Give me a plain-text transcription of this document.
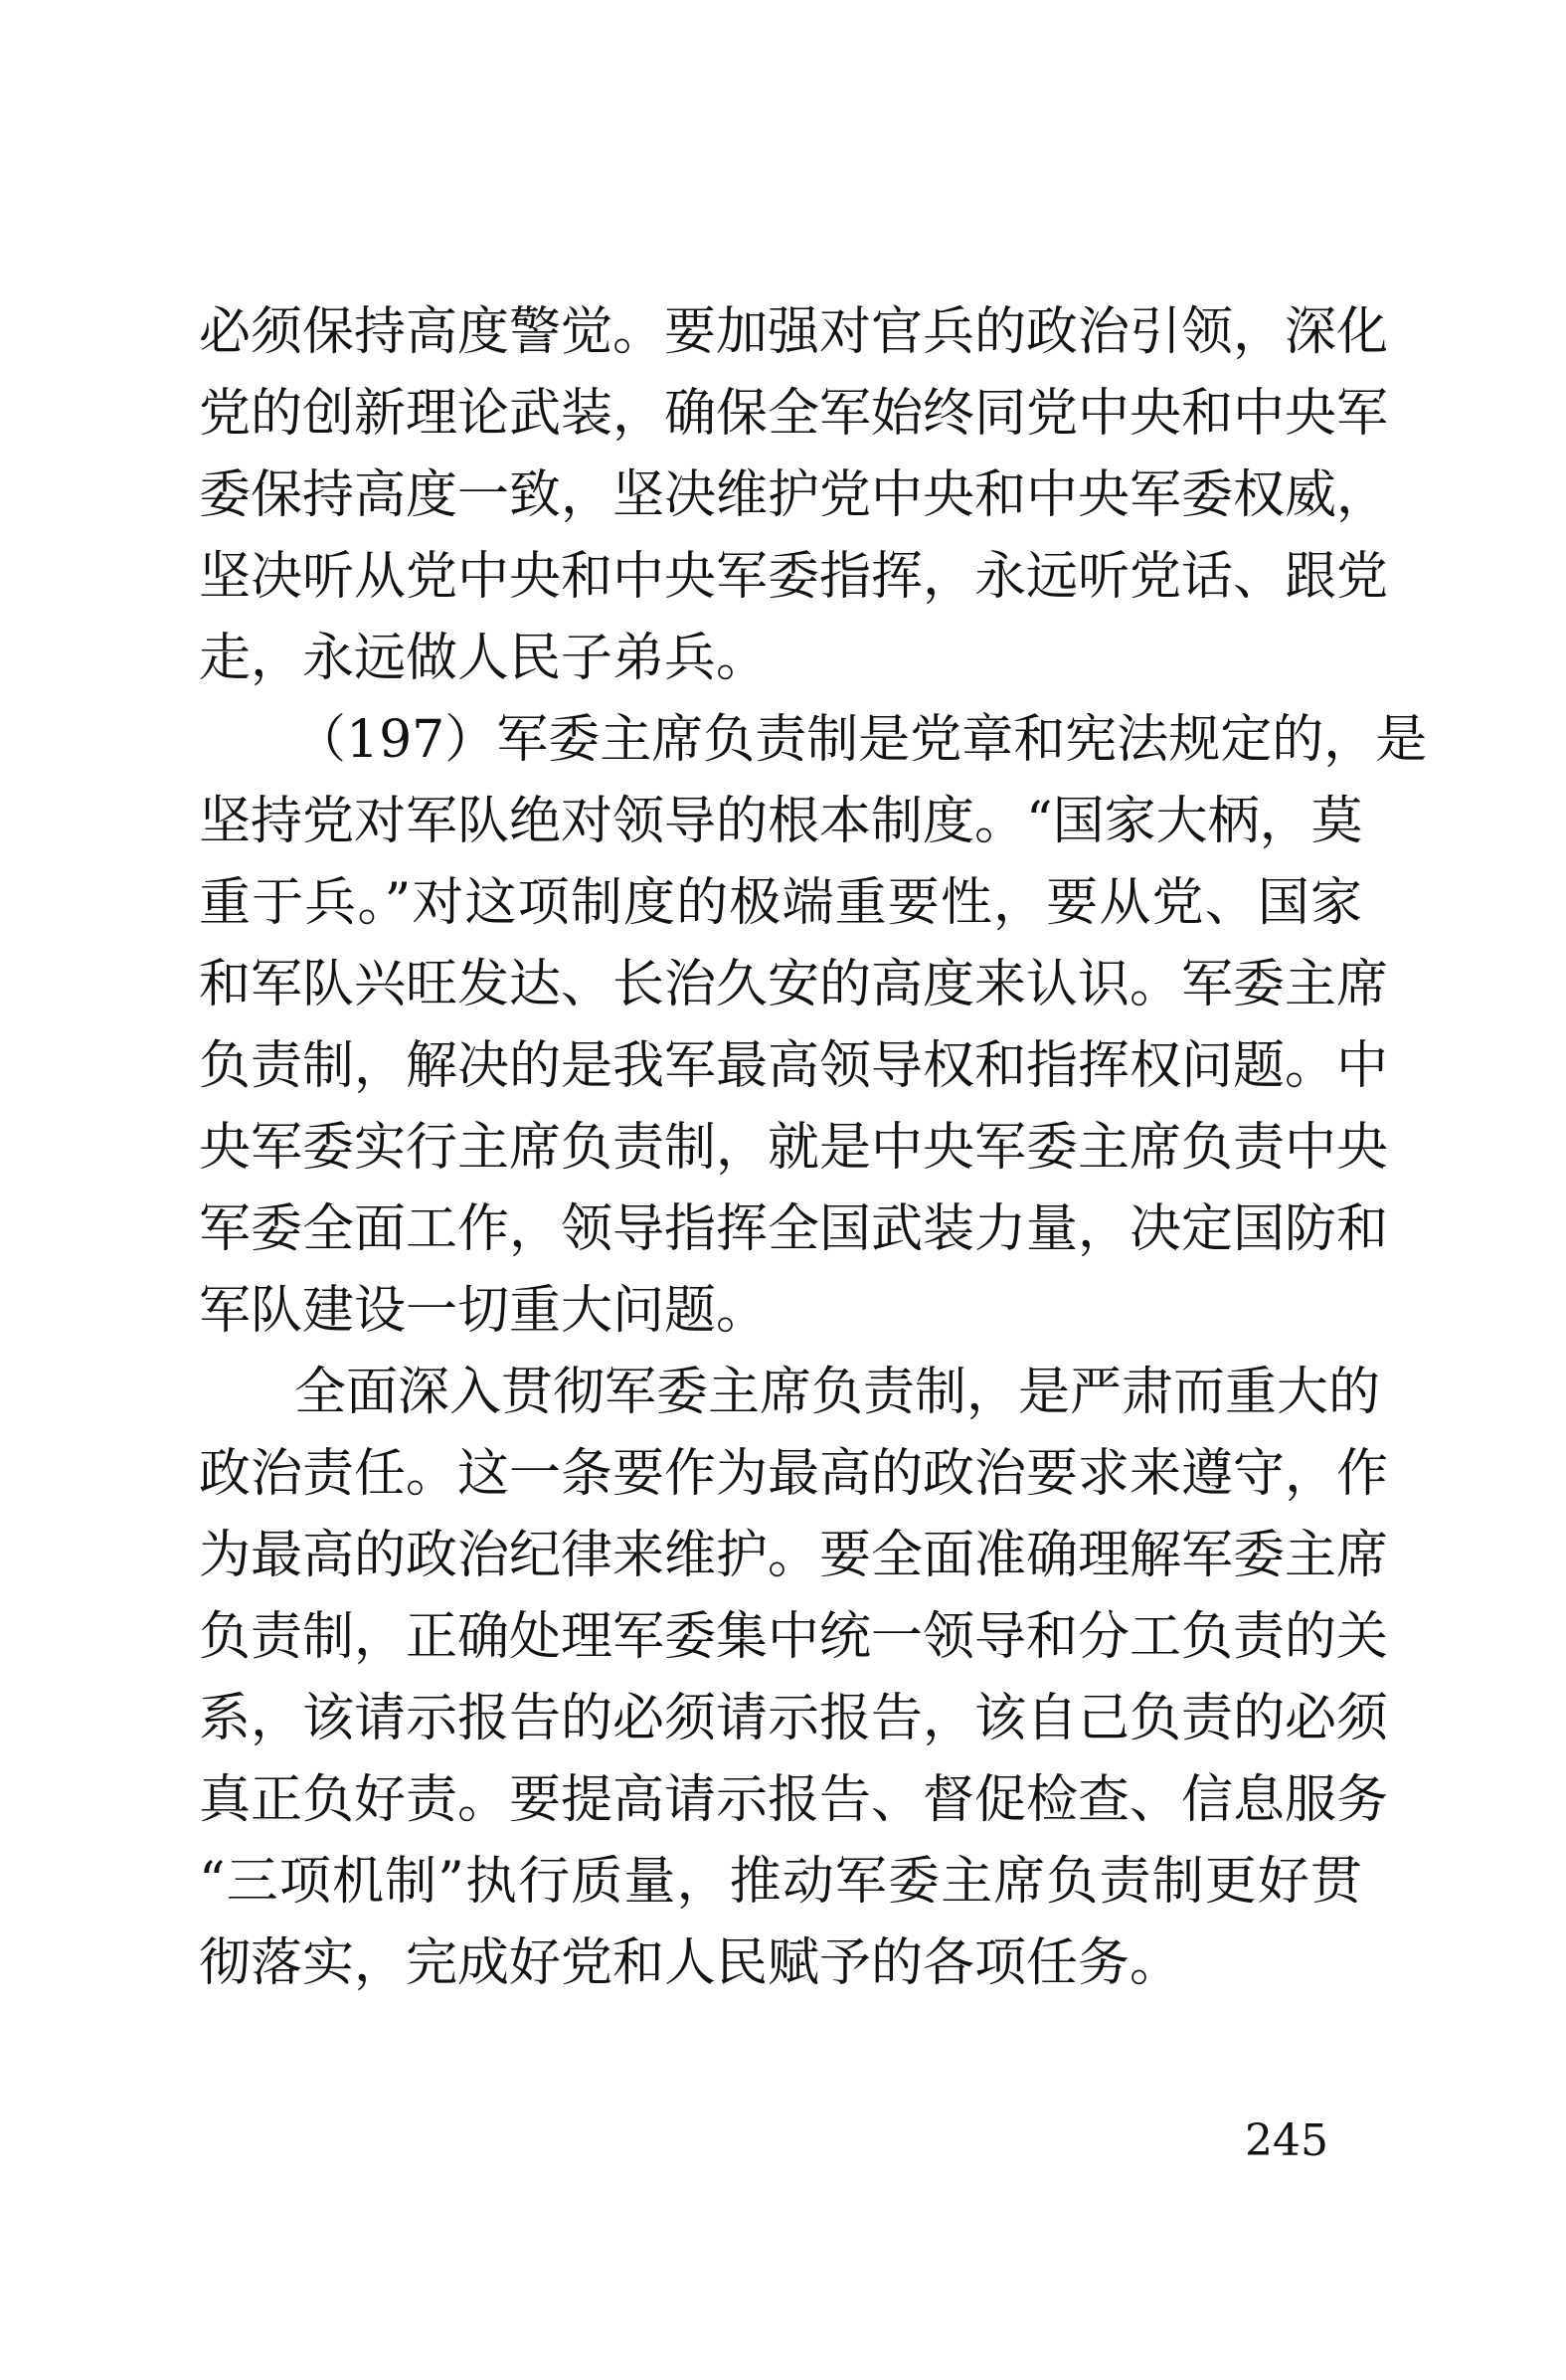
必须保持高度警觉。要加强对官兵的政治引领，深化
党的创新理论武装，确保全军始终同党中央和中央军
委保持高度一致，坚决维护党中央和中央军委权威，
坚决听从党中央和中央军委指挥，永远听党话、跟党
走，永远做人民子弟兵。
（197）军委主席负责制是党章和宪法规定的，是
坚持党对军队绝对领导的根本制度。“国家大柄，莫
重于兵。”对这项制度的极端重要性，要从党、国家
和军队兴旺发达、长治久安的高度来认识。军委主席
负责制，解决的是我军最高领导权和指挥权问题。中
央军委实行主席负责制，就是中央军委主席负责中央
军委全面工作，领导指挥全国武装力量，决定国防和
军队建设一切重大问题。
全面深入贯彻军委主席负责制，是严肃而重大的
政治责任。这一条要作为最高的政治要求来遵守，作
为最高的政治纪律来维护。要全面准确理解军委主席
负责制，正确处理军委集中统一领导和分工负责的关
系，该请示报告的必须请示报告，该自己负责的必须
真正负好责。要提高请示报告、督促检查、信息服务
“三项机制”执行质量，推动军委主席负责制更好贯
彻落实，完成好党和人民赋予的各项任务。
245
